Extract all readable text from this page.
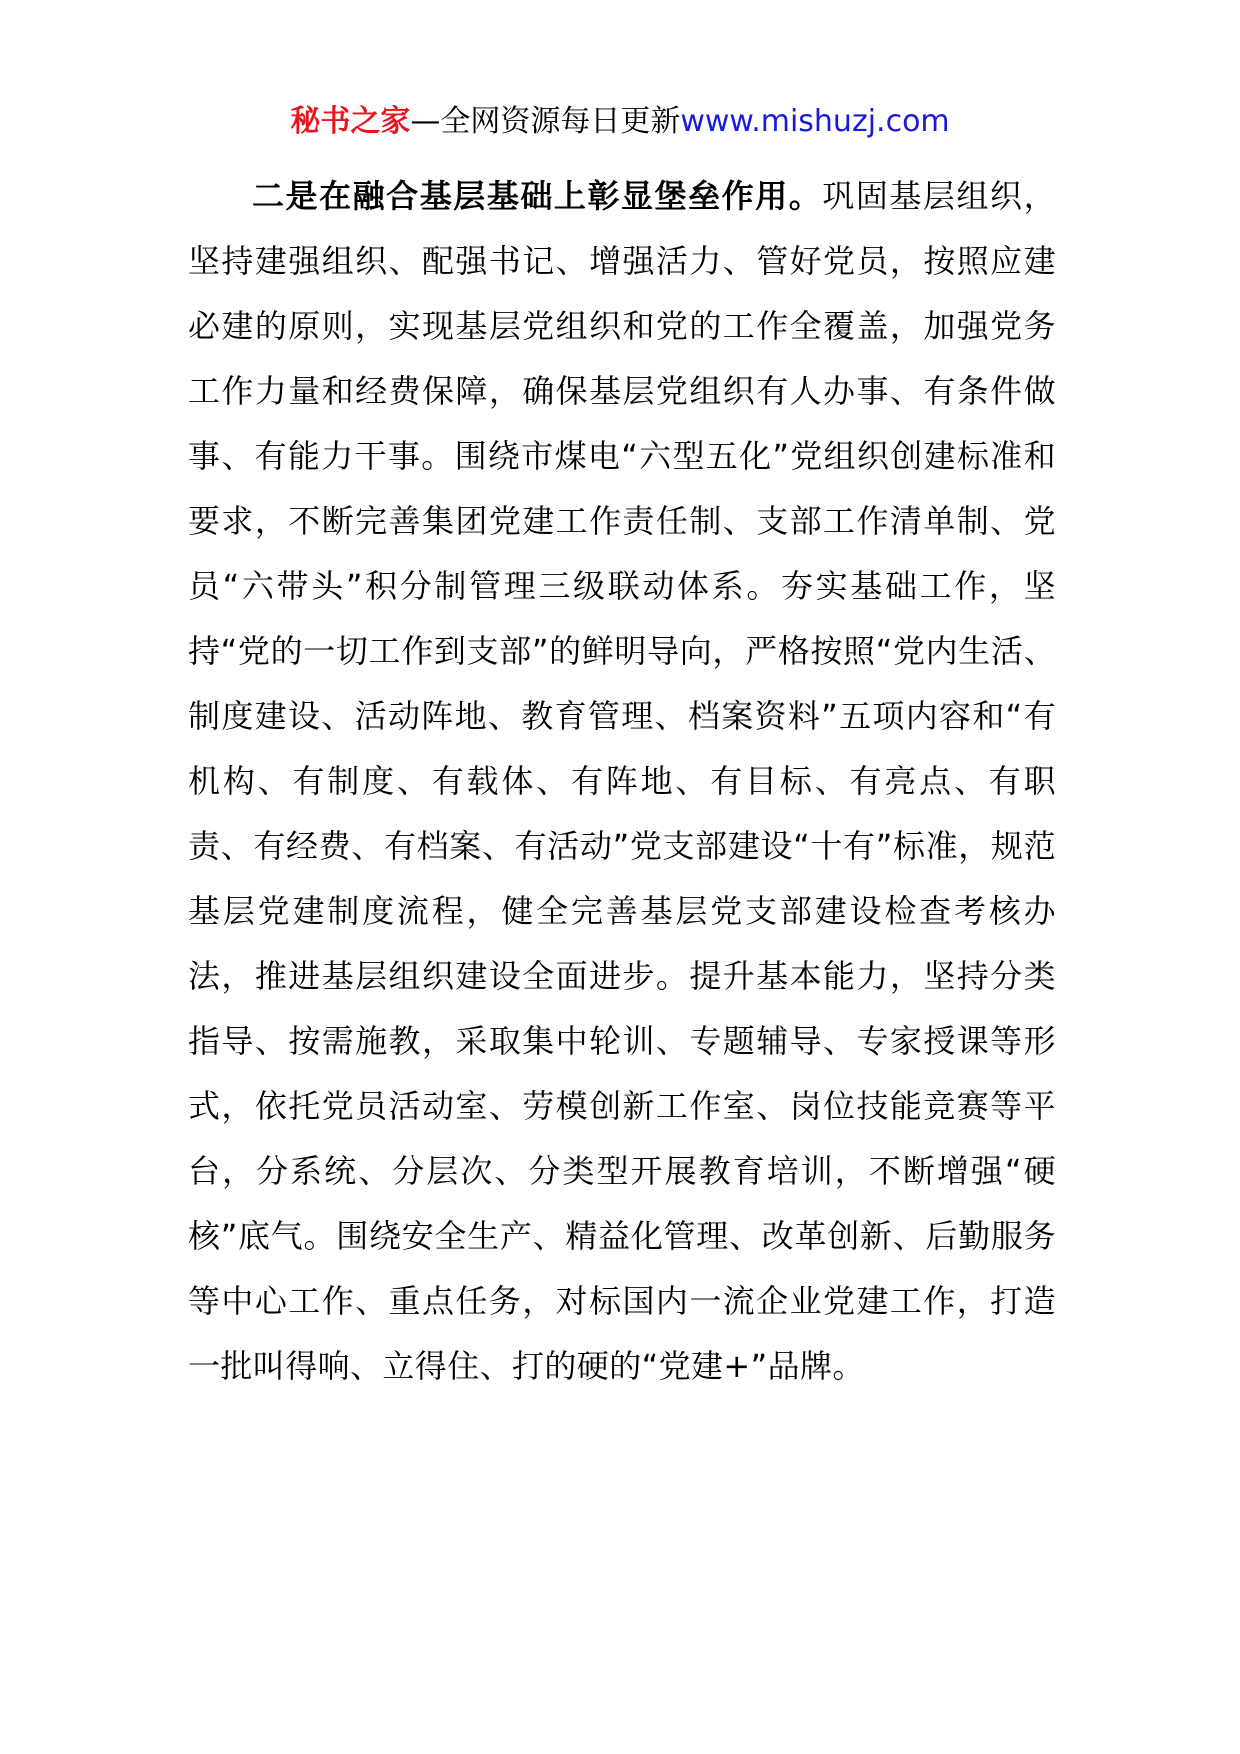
秘书之家—全网资源每日更新www.mishuzj.com

二是在融合基层基础上彰显堡垒作用。巩固基层组织，坚持建强组织、配强书记、增强活力、管好党员，按照应建必建的原则，实现基层党组织和党的工作全覆盖，加强党务工作力量和经费保障，确保基层党组织有人办事、有条件做事、有能力干事。围绕市煤电“六型五化”党组织创建标准和要求，不断完善集团党建工作责任制、支部工作清单制、党员“六带头”积分制管理三级联动体系。夯实基础工作，坚持“党的一切工作到支部”的鲜明导向，严格按照“党内生活、制度建设、活动阵地、教育管理、档案资料”五项内容和“有机构、有制度、有载体、有阵地、有目标、有亮点、有职责、有经费、有档案、有活动”党支部建设“十有”标准，规范基层党建制度流程，健全完善基层党支部建设检查考核办法，推进基层组织建设全面进步。提升基本能力，坚持分类指导、按需施教，采取集中轮训、专题辅导、专家授课等形式，依托党员活动室、劳模创新工作室、岗位技能竞赛等平台，分系统、分层次、分类型开展教育培训，不断增强“硬核”底气。围绕安全生产、精益化管理、改革创新、后勤服务等中心工作、重点任务，对标国内一流企业党建工作，打造一批叫得响、立得住、打的硬的“党建+”品牌。
